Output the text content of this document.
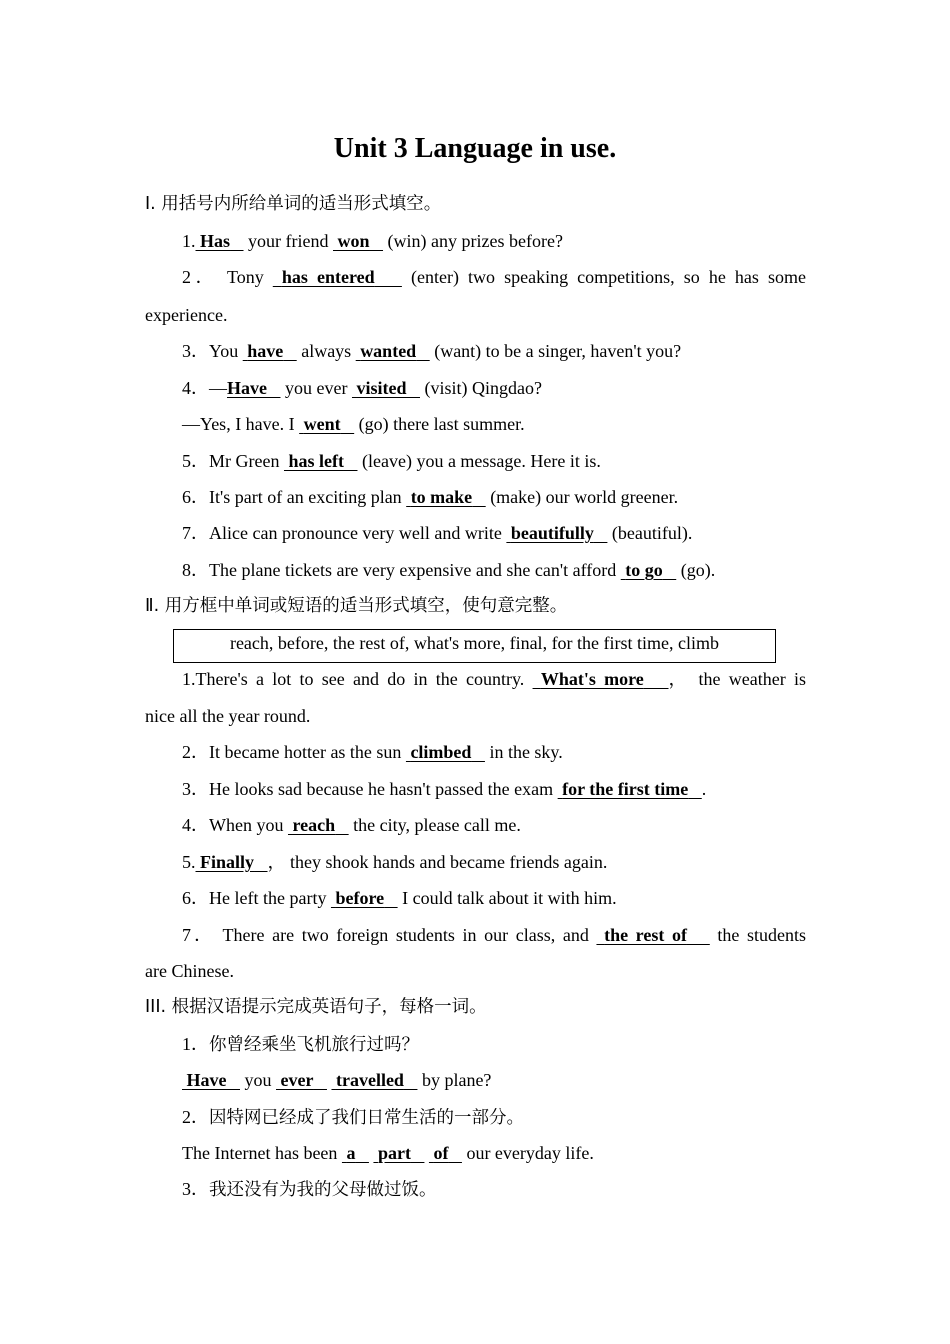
Unit 3 Language in use.
Ⅰ. 用括号内所给单词的适当形式填空。
1. Has    your friend  won    (win) any prizes before?
2． Tony  has entered    (enter) two speaking competitions, so he has some
experience.
3．You  have    always  wanted    (want) to be a singer, haven't you?
4．—Have    you ever  visited    (visit) Qingdao?
—Yes, I have. I  went    (go) there last summer.
5．Mr Green  has left    (leave) you a message. Here it is.
6．It's part of an exciting plan  to make    (make) our world greener.
7．Alice can pronounce very well and write  beautifully    (beautiful).
8．The plane tickets are very expensive and she can't afford  to go    (go).
Ⅱ. 用方框中单词或短语的适当形式填空，使句意完整。
reach, before, the rest of, what's more, final, for the first time, climb
1.There's a lot to see and do in the country.  What's more ， the weather is
nice all the year round.
2．It became hotter as the sun  climbed    in the sky.
3．He looks sad because he hasn't passed the exam  for the first time .
4．When you  reach    the city, please call me.
5. Finally ， they shook hands and became friends again.
6．He left the party  before    I could talk about it with him.
7． There are two foreign students in our class, and  the rest of    the students
are Chinese.
III. 根据汉语提示完成英语句子，每格一词。
1．你曾经乘坐飞机旅行过吗？
Have    you  ever travelled    by plane?
2．因特网已经成了我们日常生活的一部分。
The Internet has been  a part of    our everyday life.
3．我还没有为我的父母做过饭。
